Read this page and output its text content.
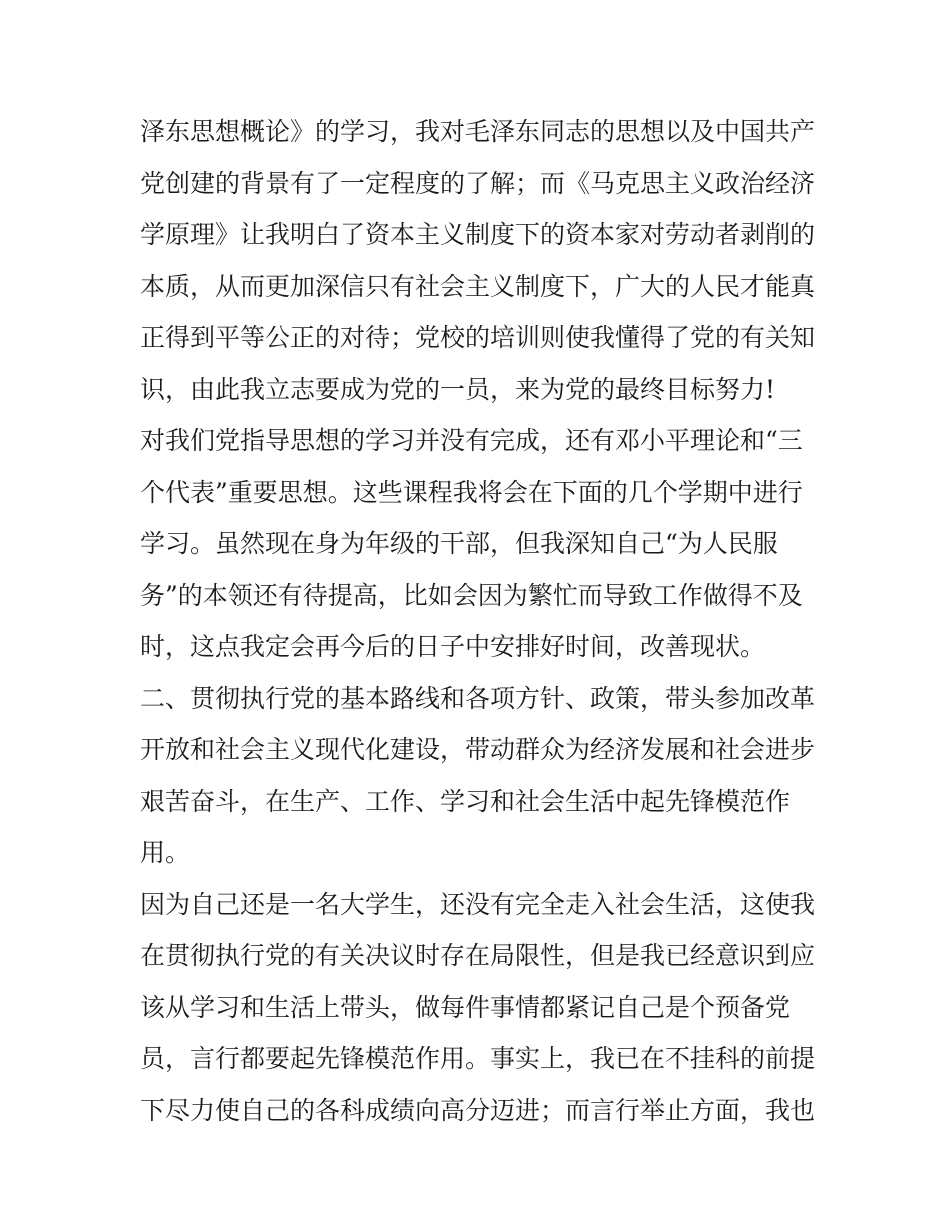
泽东思想概论》的学习，我对毛泽东同志的思想以及中国共产
党创建的背景有了一定程度的了解；而《马克思主义政治经济
学原理》让我明白了资本主义制度下的资本家对劳动者剥削的
本质，从而更加深信只有社会主义制度下，广大的人民才能真
正得到平等公正的对待；党校的培训则使我懂得了党的有关知
识，由此我立志要成为党的一员，来为党的最终目标努力!
对我们党指导思想的学习并没有完成，还有邓小平理论和“三
个代表”重要思想。这些课程我将会在下面的几个学期中进行
学习。虽然现在身为年级的干部，但我深知自己“为人民服
务”的本领还有待提高，比如会因为繁忙而导致工作做得不及
时，这点我定会再今后的日子中安排好时间，改善现状。
二、贯彻执行党的基本路线和各项方针、政策，带头参加改革
开放和社会主义现代化建设，带动群众为经济发展和社会进步
艰苦奋斗，在生产、工作、学习和社会生活中起先锋模范作
用。
因为自己还是一名大学生，还没有完全走入社会生活，这使我
在贯彻执行党的有关决议时存在局限性，但是我已经意识到应
该从学习和生活上带头，做每件事情都紧记自己是个预备党
员，言行都要起先锋模范作用。事实上，我已在不挂科的前提
下尽力使自己的各科成绩向高分迈进；而言行举止方面，我也
